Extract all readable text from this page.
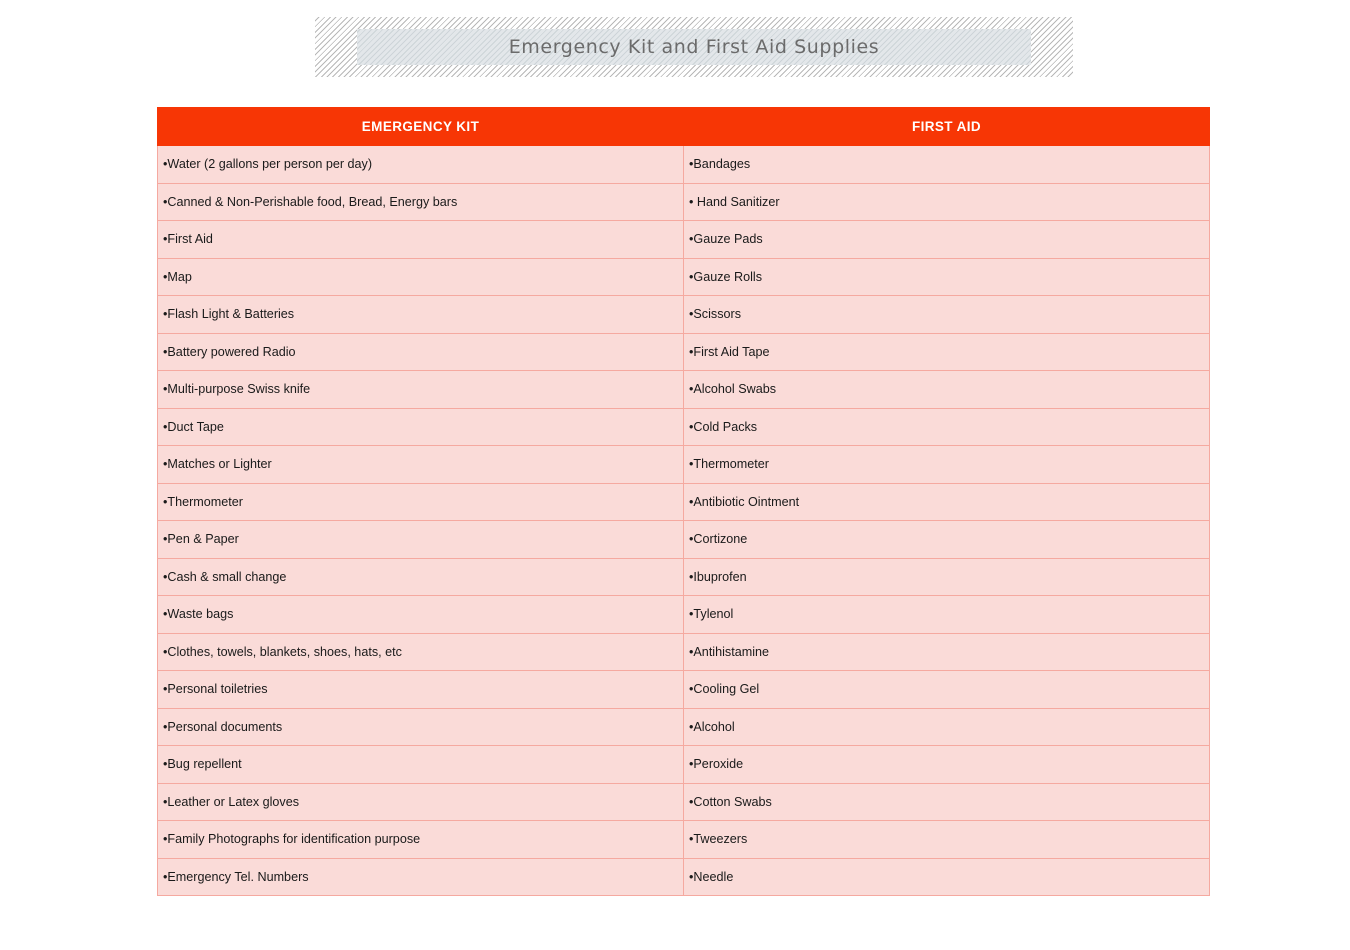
Emergency Kit and First Aid Supplies
EMERGENCY KIT	FIRST AID
•Water (2 gallons per person per day)	•Bandages
•Canned & Non-Perishable food, Bread, Energy bars	• Hand Sanitizer
•First Aid	•Gauze Pads
•Map	•Gauze Rolls
•Flash Light & Batteries	•Scissors
•Battery powered Radio	•First Aid Tape
•Multi-purpose Swiss knife	•Alcohol Swabs
•Duct Tape	•Cold Packs
•Matches or Lighter	•Thermometer
•Thermometer	•Antibiotic Ointment
•Pen & Paper	•Cortizone
•Cash & small change	•Ibuprofen
•Waste bags	•Tylenol
•Clothes, towels, blankets, shoes, hats, etc	•Antihistamine
•Personal toiletries	•Cooling Gel
•Personal documents	•Alcohol
•Bug repellent	•Peroxide
•Leather or Latex gloves	•Cotton Swabs
•Family Photographs for identification purpose	•Tweezers
•Emergency Tel. Numbers	•Needle
